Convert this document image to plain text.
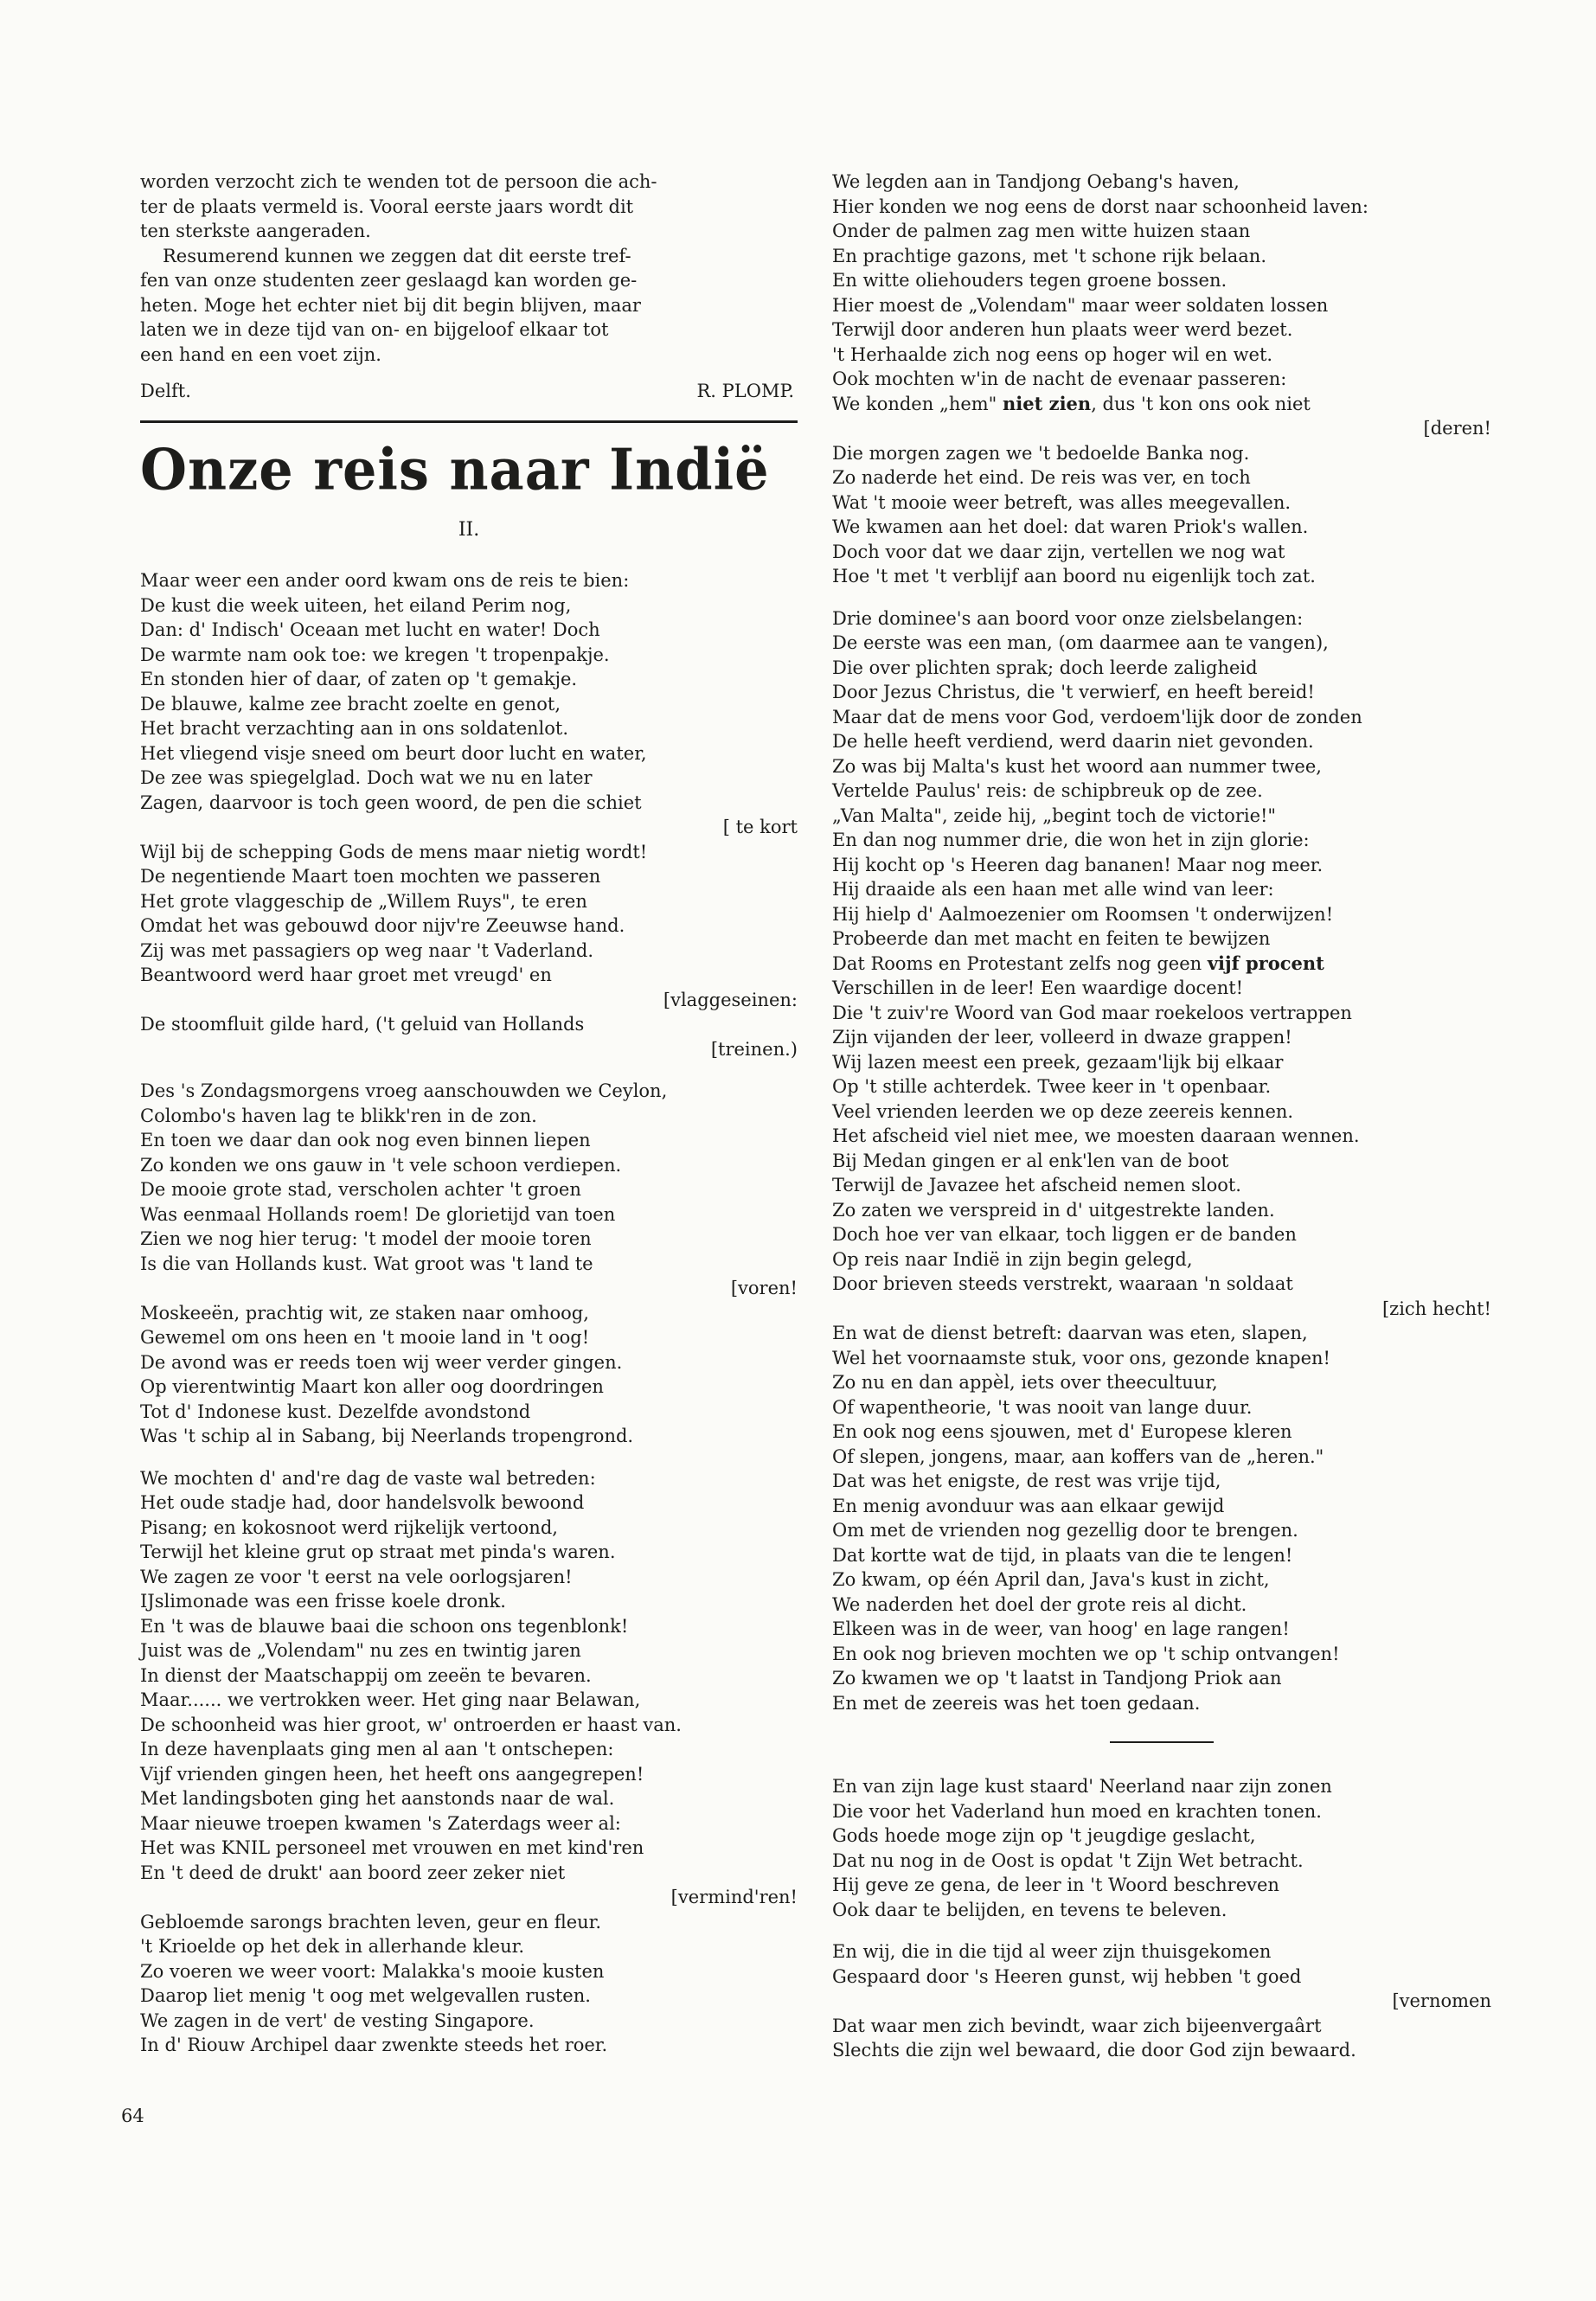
worden verzocht zich te wenden tot de persoon die ach-
ter de plaats vermeld is. Vooral eerste jaars wordt dit
ten sterkste aangeraden.
Resumerend kunnen we zeggen dat dit eerste tref-
fen van onze studenten zeer geslaagd kan worden ge-
heten. Moge het echter niet bij dit begin blijven, maar
laten we in deze tijd van on- en bijgeloof elkaar tot
een hand en een voet zijn.
Delft.	R. PLOMP.
Onze reis naar Indië
II.
Maar weer een ander oord kwam ons de reis te bien:
De kust die week uiteen, het eiland Perim nog,
Dan: d' Indisch' Oceaan met lucht en water! Doch
De warmte nam ook toe: we kregen 't tropenpakje.
En stonden hier of daar, of zaten op 't gemakje.
De blauwe, kalme zee bracht zoelte en genot,
Het bracht verzachting aan in ons soldatenlot.
Het vliegend visje sneed om beurt door lucht en water,
De zee was spiegelglad. Doch wat we nu en later
Zagen, daarvoor is toch geen woord, de pen die schiet
[ te kort
Wijl bij de schepping Gods de mens maar nietig wordt!
De negentiende Maart toen mochten we passeren
Het grote vlaggeschip de „Willem Ruys", te eren
Omdat het was gebouwd door nijv're Zeeuwse hand.
Zij was met passagiers op weg naar 't Vaderland.
Beantwoord werd haar groet met vreugd' en
[vlaggeseinen:
De stoomfluit gilde hard, ('t geluid van Hollands
[treinen.)
Des 's Zondagsmorgens vroeg aanschouwden we Ceylon,
Colombo's haven lag te blikk'ren in de zon.
En toen we daar dan ook nog even binnen liepen
Zo konden we ons gauw in 't vele schoon verdiepen.
De mooie grote stad, verscholen achter 't groen
Was eenmaal Hollands roem! De glorietijd van toen
Zien we nog hier terug: 't model der mooie toren
Is die van Hollands kust. Wat groot was 't land te
[voren!
Moskeeën, prachtig wit, ze staken naar omhoog,
Gewemel om ons heen en 't mooie land in 't oog!
De avond was er reeds toen wij weer verder gingen.
Op vierentwintig Maart kon aller oog doordringen
Tot d' Indonese kust. Dezelfde avondstond
Was 't schip al in Sabang, bij Neerlands tropengrond.
We mochten d' and're dag de vaste wal betreden:
Het oude stadje had, door handelsvolk bewoond
Pisang; en kokosnoot werd rijkelijk vertoond,
Terwijl het kleine grut op straat met pinda's waren.
We zagen ze voor 't eerst na vele oorlogsjaren!
IJslimonade was een frisse koele dronk.
En 't was de blauwe baai die schoon ons tegenblonk!
Juist was de „Volendam" nu zes en twintig jaren
In dienst der Maatschappij om zeeën te bevaren.
Maar...... we vertrokken weer. Het ging naar Belawan,
De schoonheid was hier groot, w' ontroerden er haast van.
In deze havenplaats ging men al aan 't ontschepen:
Vijf vrienden gingen heen, het heeft ons aangegrepen!
Met landingsboten ging het aanstonds naar de wal.
Maar nieuwe troepen kwamen 's Zaterdags weer al:
Het was KNIL personeel met vrouwen en met kind'ren
En 't deed de drukt' aan boord zeer zeker niet
[vermind'ren!
Gebloemde sarongs brachten leven, geur en fleur.
't Krioelde op het dek in allerhande kleur.
Zo voeren we weer voort: Malakka's mooie kusten
Daarop liet menig 't oog met welgevallen rusten.
We zagen in de vert' de vesting Singapore.
In d' Riouw Archipel daar zwenkte steeds het roer.
We legden aan in Tandjong Oebang's haven,
Hier konden we nog eens de dorst naar schoonheid laven:
Onder de palmen zag men witte huizen staan
En prachtige gazons, met 't schone rijk belaan.
En witte oliehouders tegen groene bossen.
Hier moest de „Volendam" maar weer soldaten lossen
Terwijl door anderen hun plaats weer werd bezet.
't Herhaalde zich nog eens op hoger wil en wet.
Ook mochten w'in de nacht de evenaar passeren:
We konden „hem" niet zien, dus 't kon ons ook niet
[deren!
Die morgen zagen we 't bedoelde Banka nog.
Zo naderde het eind. De reis was ver, en toch
Wat 't mooie weer betreft, was alles meegevallen.
We kwamen aan het doel: dat waren Priok's wallen.
Doch voor dat we daar zijn, vertellen we nog wat
Hoe 't met 't verblijf aan boord nu eigenlijk toch zat.
Drie dominee's aan boord voor onze zielsbelangen:
De eerste was een man, (om daarmee aan te vangen),
Die over plichten sprak; doch leerde zaligheid
Door Jezus Christus, die 't verwierf, en heeft bereid!
Maar dat de mens voor God, verdoem'lijk door de zonden
De helle heeft verdiend, werd daarin niet gevonden.
Zo was bij Malta's kust het woord aan nummer twee,
Vertelde Paulus' reis: de schipbreuk op de zee.
„Van Malta", zeide hij, „begint toch de victorie!"
En dan nog nummer drie, die won het in zijn glorie:
Hij kocht op 's Heeren dag bananen! Maar nog meer.
Hij draaide als een haan met alle wind van leer:
Hij hielp d' Aalmoezenier om Roomsen 't onderwijzen!
Probeerde dan met macht en feiten te bewijzen
Dat Rooms en Protestant zelfs nog geen vijf procent
Verschillen in de leer! Een waardige docent!
Die 't zuiv're Woord van God maar roekeloos vertrappen
Zijn vijanden der leer, volleerd in dwaze grappen!
Wij lazen meest een preek, gezaam'lijk bij elkaar
Op 't stille achterdek. Twee keer in 't openbaar.
Veel vrienden leerden we op deze zeereis kennen.
Het afscheid viel niet mee, we moesten daaraan wennen.
Bij Medan gingen er al enk'len van de boot
Terwijl de Javazee het afscheid nemen sloot.
Zo zaten we verspreid in d' uitgestrekte landen.
Doch hoe ver van elkaar, toch liggen er de banden
Op reis naar Indië in zijn begin gelegd,
Door brieven steeds verstrekt, waaraan 'n soldaat
[zich hecht!
En wat de dienst betreft: daarvan was eten, slapen,
Wel het voornaamste stuk, voor ons, gezonde knapen!
Zo nu en dan appèl, iets over theecultuur,
Of wapentheorie, 't was nooit van lange duur.
En ook nog eens sjouwen, met d' Europese kleren
Of slepen, jongens, maar, aan koffers van de „heren."
Dat was het enigste, de rest was vrije tijd,
En menig avonduur was aan elkaar gewijd
Om met de vrienden nog gezellig door te brengen.
Dat kortte wat de tijd, in plaats van die te lengen!
Zo kwam, op één April dan, Java's kust in zicht,
We naderden het doel der grote reis al dicht.
Elkeen was in de weer, van hoog' en lage rangen!
En ook nog brieven mochten we op 't schip ontvangen!
Zo kwamen we op 't laatst in Tandjong Priok aan
En met de zeereis was het toen gedaan.
En van zijn lage kust staard' Neerland naar zijn zonen
Die voor het Vaderland hun moed en krachten tonen.
Gods hoede moge zijn op 't jeugdige geslacht,
Dat nu nog in de Oost is opdat 't Zijn Wet betracht.
Hij geve ze gena, de leer in 't Woord beschreven
Ook daar te belijden, en tevens te beleven.
En wij, die in die tijd al weer zijn thuisgekomen
Gespaard door 's Heeren gunst, wij hebben 't goed
[vernomen
Dat waar men zich bevindt, waar zich bijeenvergaârt
Slechts die zijn wel bewaard, die door God zijn bewaard.
64
